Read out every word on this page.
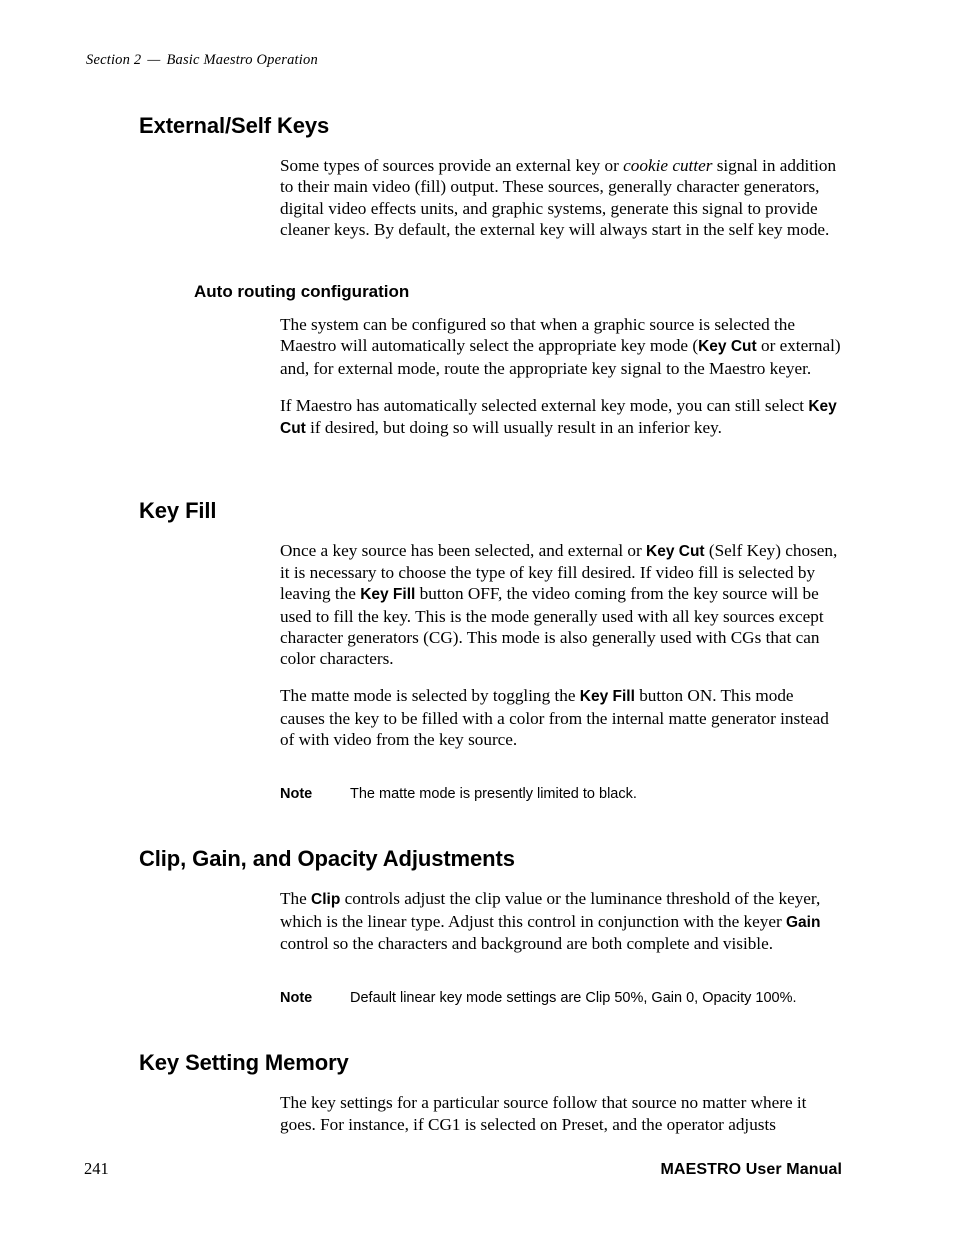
Section 2 — Basic Maestro Operation
External/Self Keys

Some types of sources provide an external key or cookie cutter signal in addition to their main video (fill) output. These sources, generally character generators, digital video effects units, and graphic systems, generate this signal to provide cleaner keys. By default, the external key will always start in the self key mode.

Auto routing configuration

The system can be configured so that when a graphic source is selected the Maestro will automatically select the appropriate key mode (Key Cut or external) and, for external mode, route the appropriate key signal to the Maestro keyer.

If Maestro has automatically selected external key mode, you can still select Key Cut if desired, but doing so will usually result in an inferior key.

Key Fill

Once a key source has been selected, and external or Key Cut (Self Key) chosen, it is necessary to choose the type of key fill desired. If video fill is selected by leaving the Key Fill button OFF, the video coming from the key source will be used to fill the key. This is the mode generally used with all key sources except character generators (CG). This mode is also generally used with CGs that can color characters.

The matte mode is selected by toggling the Key Fill button ON. This mode causes the key to be filled with a color from the internal matte generator instead of with video from the key source.

Note	The matte mode is presently limited to black.
Clip, Gain, and Opacity Adjustments

The Clip controls adjust the clip value or the luminance threshold of the keyer, which is the linear type. Adjust this control in conjunction with the keyer Gain control so the characters and background are both complete and visible.

Note	Default linear key mode settings are Clip 50%, Gain 0, Opacity 100%.
Key Setting Memory

The key settings for a particular source follow that source no matter where it goes. For instance, if CG1 is selected on Preset, and the operator adjusts

241	MAESTRO User Manual
